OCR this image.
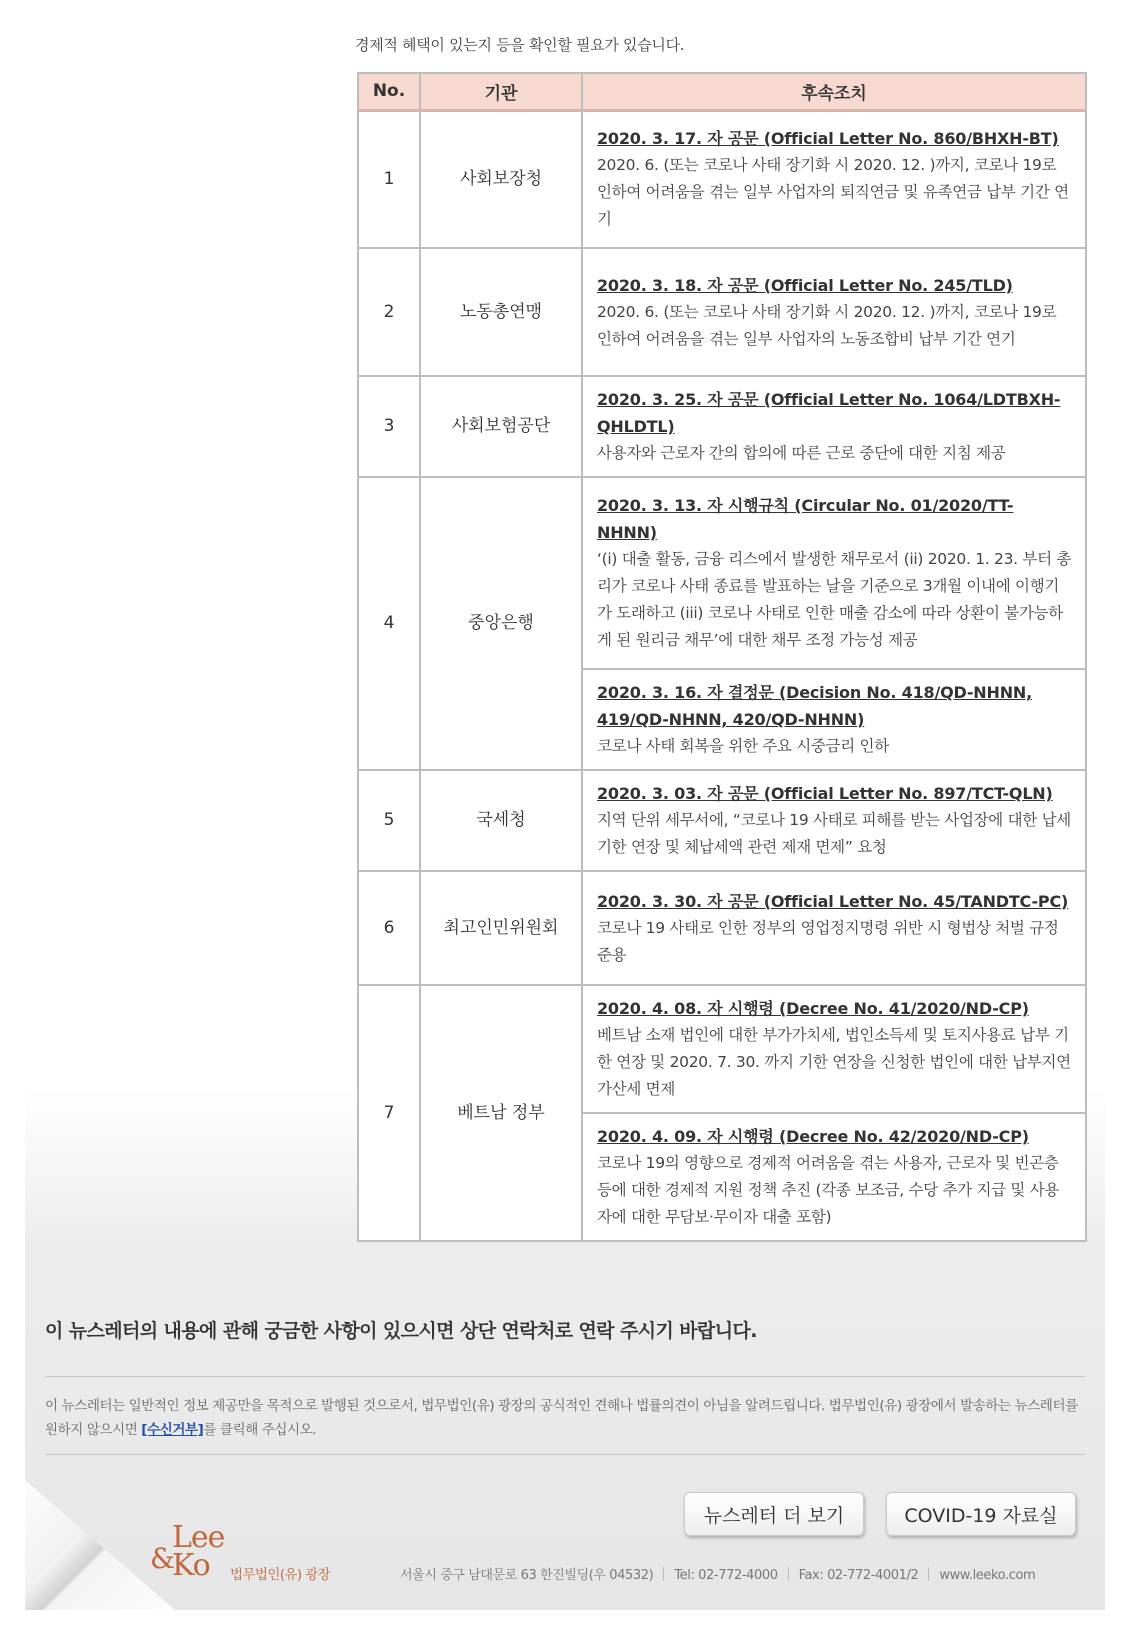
경제적 혜택이 있는지 등을 확인할 필요가 있습니다.
No.	기관	후속조치
1	사회보장청	2020. 3. 17. 자 공문 (Official Letter No. 860/BHXH-BT)
2020. 6. (또는 코로나 사태 장기화 시 2020. 12. )까지, 코로나 19로 인하여 어려움을 겪는 일부 사업자의 퇴직연금 및 유족연금 납부 기간 연기

2	노동총연맹	2020. 3. 18. 자 공문 (Official Letter No. 245/TLD)
2020. 6. (또는 코로나 사태 장기화 시 2020. 12. )까지, 코로나 19로 인하여 어려움을 겪는 일부 사업자의 노동조합비 납부 기간 연기

3	사회보험공단	2020. 3. 25. 자 공문 (Official Letter No. 1064/LDTBXH-QHLDTL)
사용자와 근로자 간의 합의에 따른 근로 중단에 대한 지침 제공

4	중앙은행	2020. 3. 13. 자 시행규칙 (Circular No. 01/2020/TT-NHNN)
‘(i) 대출 활동, 금융 리스에서 발생한 채무로서 (ii) 2020. 1. 23. 부터 총리가 코로나 사태 종료를 발표하는 날을 기준으로 3개월 이내에 이행기가 도래하고 (iii) 코로나 사태로 인한 매출 감소에 따라 상환이 불가능하게 된 원리금 채무’에 대한 채무 조정 가능성 제공

		2020. 3. 16. 자 결정문 (Decision No. 418/QD-NHNN, 419/QD-NHNN, 420/QD-NHNN)
코로나 사태 회복을 위한 주요 시중금리 인하

5	국세청	2020. 3. 03. 자 공문 (Official Letter No. 897/TCT-QLN)
지역 단위 세무서에, “코로나 19 사태로 피해를 받는 사업장에 대한 납세 기한 연장 및 체납세액 관련 제재 면제” 요청

6	최고인민위원회	2020. 3. 30. 자 공문 (Official Letter No. 45/TANDTC-PC)
코로나 19 사태로 인한 정부의 영업정지명령 위반 시 형법상 처벌 규정 준용

7	베트남 정부	2020. 4. 08. 자 시행령 (Decree No. 41/2020/ND-CP)
베트남 소재 법인에 대한 부가가치세, 법인소득세 및 토지사용료 납부 기한 연장 및 2020. 7. 30. 까지 기한 연장을 신청한 법인에 대한 납부지연가산세 면제

		2020. 4. 09. 자 시행령 (Decree No. 42/2020/ND-CP)
코로나 19의 영향으로 경제적 어려움을 겪는 사용자, 근로자 및 빈곤층 등에 대한 경제적 지원 정책 추진 (각종 보조금, 수당 추가 지급 및 사용자에 대한 무담보·무이자 대출 포함)
이 뉴스레터의 내용에 관해 궁금한 사항이 있으시면 상단 연락처로 연락 주시기 바랍니다.
이 뉴스레터는 일반적인 정보 제공만을 목적으로 발행된 것으로서, 법무법인(유) 광장의 공식적인 견해나 법률의견이 아님을 알려드립니다. 법무법인(유) 광장에서 발송하는 뉴스레터를 원하지 않으시면 [수신거부]를 클릭해 주십시오.
뉴스레터 더 보기	COVID-19 자료실
Lee
&
Ko 법무법인(유) 광장	서울시 중구 남대문로 63 한진빌딩(우 04532) Tel: 02-772-4000 Fax: 02-772-4001/2 www.leeko.com
